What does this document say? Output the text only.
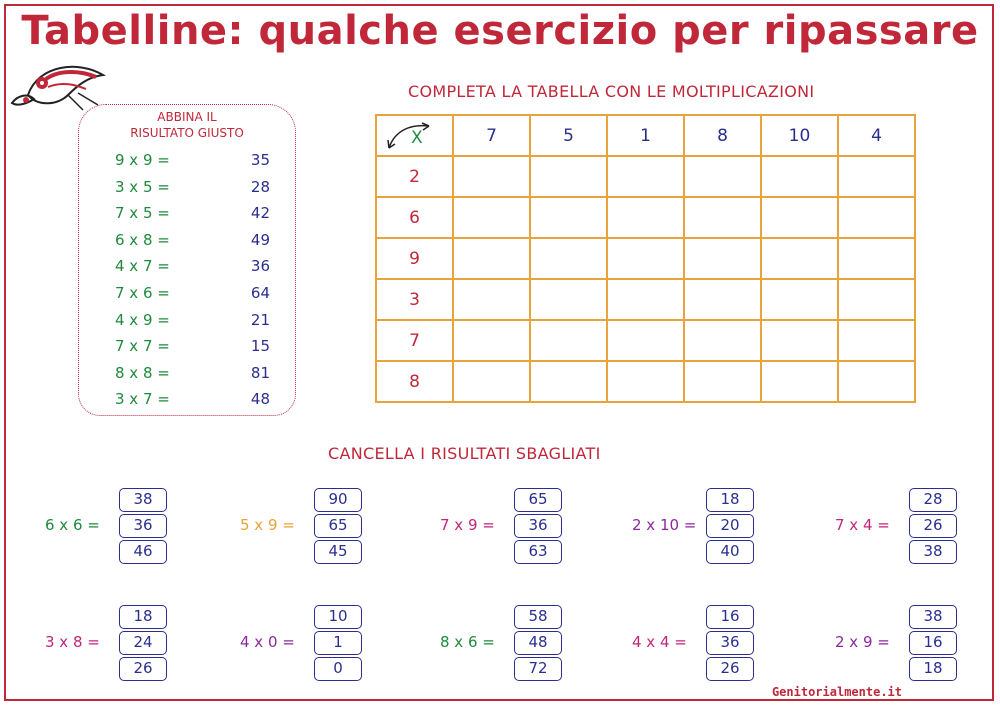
Tabelline: qualche esercizio per ripassare
ABBINA IL
RISULTATO GIUSTO
9 x 9 =	35
3 x 5 =	28
7 x 5 =	42
6 x 8 =	49
4 x 7 =	36
7 x 6 =	64
4 x 9 =	21
7 x 7 =	15
8 x 8 =	81
3 x 7 =	48
COMPLETA LA TABELLA CON LE MOLTIPLICAZIONI
X	7	5	1	8	10	4
2						
6						
9						
3						
7						
8						
CANCELLA I RISULTATI SBAGLIATI
6 x 6 =
38
36
46
5 x 9 =
90
65
45
7 x 9 =
65
36
63
2 x 10 =
18
20
40
7 x 4 =
28
26
38
3 x 8 =
18
24
26
4 x 0 =
10
1
0
8 x 6 =
58
48
72
4 x 4 =
16
36
26
2 x 9 =
38
16
18
Genitorialmente.it
